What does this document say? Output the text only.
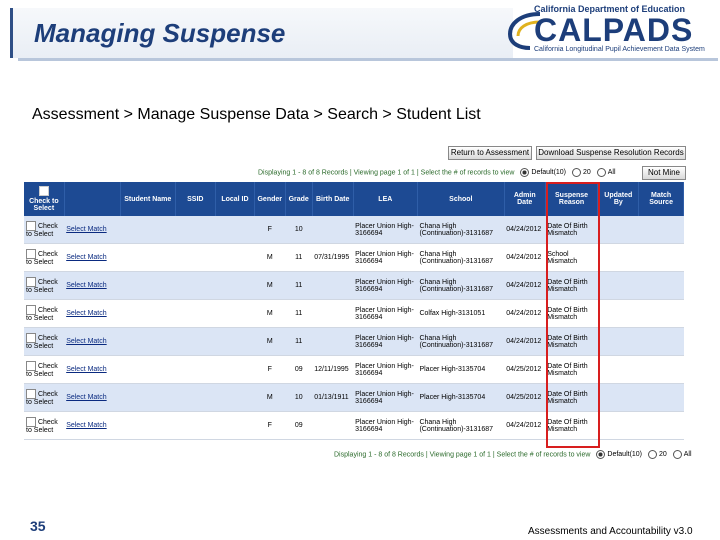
Managing Suspense
California Department of Education
CALPADS
California Longitudinal Pupil Achievement Data System
Assessment > Manage Suspense Data > Search > Student List
Return to Assessment	Download Suspense Resolution Records
Not Mine
Displaying 1 - 8 of 8 Records | Viewing page 1 of 1 | Select the # of records to view Default(10) 20 All

Check to Select		Student Name	SSID	Local ID	Gender	Grade	Birth Date	LEA	School	Admin Date	Suspense Reason	Updated By	Match Source
Check to Select	Select Match				F	10		Placer Union High-3166694	Chana High (Continuation)-3131687	04/24/2012	Date Of Birth Mismatch		
Check to Select	Select Match				M	11	07/31/1995	Placer Union High-3166694	Chana High (Continuation)-3131687	04/24/2012	School Mismatch		
Check to Select	Select Match				M	11		Placer Union High-3166694	Chana High (Continuation)-3131687	04/24/2012	Date Of Birth Mismatch		
Check to Select	Select Match				M	11		Placer Union High-3166694	Colfax High-3131051	04/24/2012	Date Of Birth Mismatch		
Check to Select	Select Match				M	11		Placer Union High-3166694	Chana High (Continuation)-3131687	04/24/2012	Date Of Birth Mismatch		
Check to Select	Select Match				F	09	12/11/1995	Placer Union High-3166694	Placer High-3135704	04/25/2012	Date Of Birth Mismatch		
Check to Select	Select Match				M	10	01/13/1911	Placer Union High-3166694	Placer High-3135704	04/25/2012	Date Of Birth Mismatch		
Check to Select	Select Match				F	09		Placer Union High-3166694	Chana High (Continuation)-3131687	04/24/2012	Date Of Birth Mismatch		
Displaying 1 - 8 of 8 Records | Viewing page 1 of 1 | Select the # of records to view Default(10) 20 All
35	Assessments and Accountability v3.0
